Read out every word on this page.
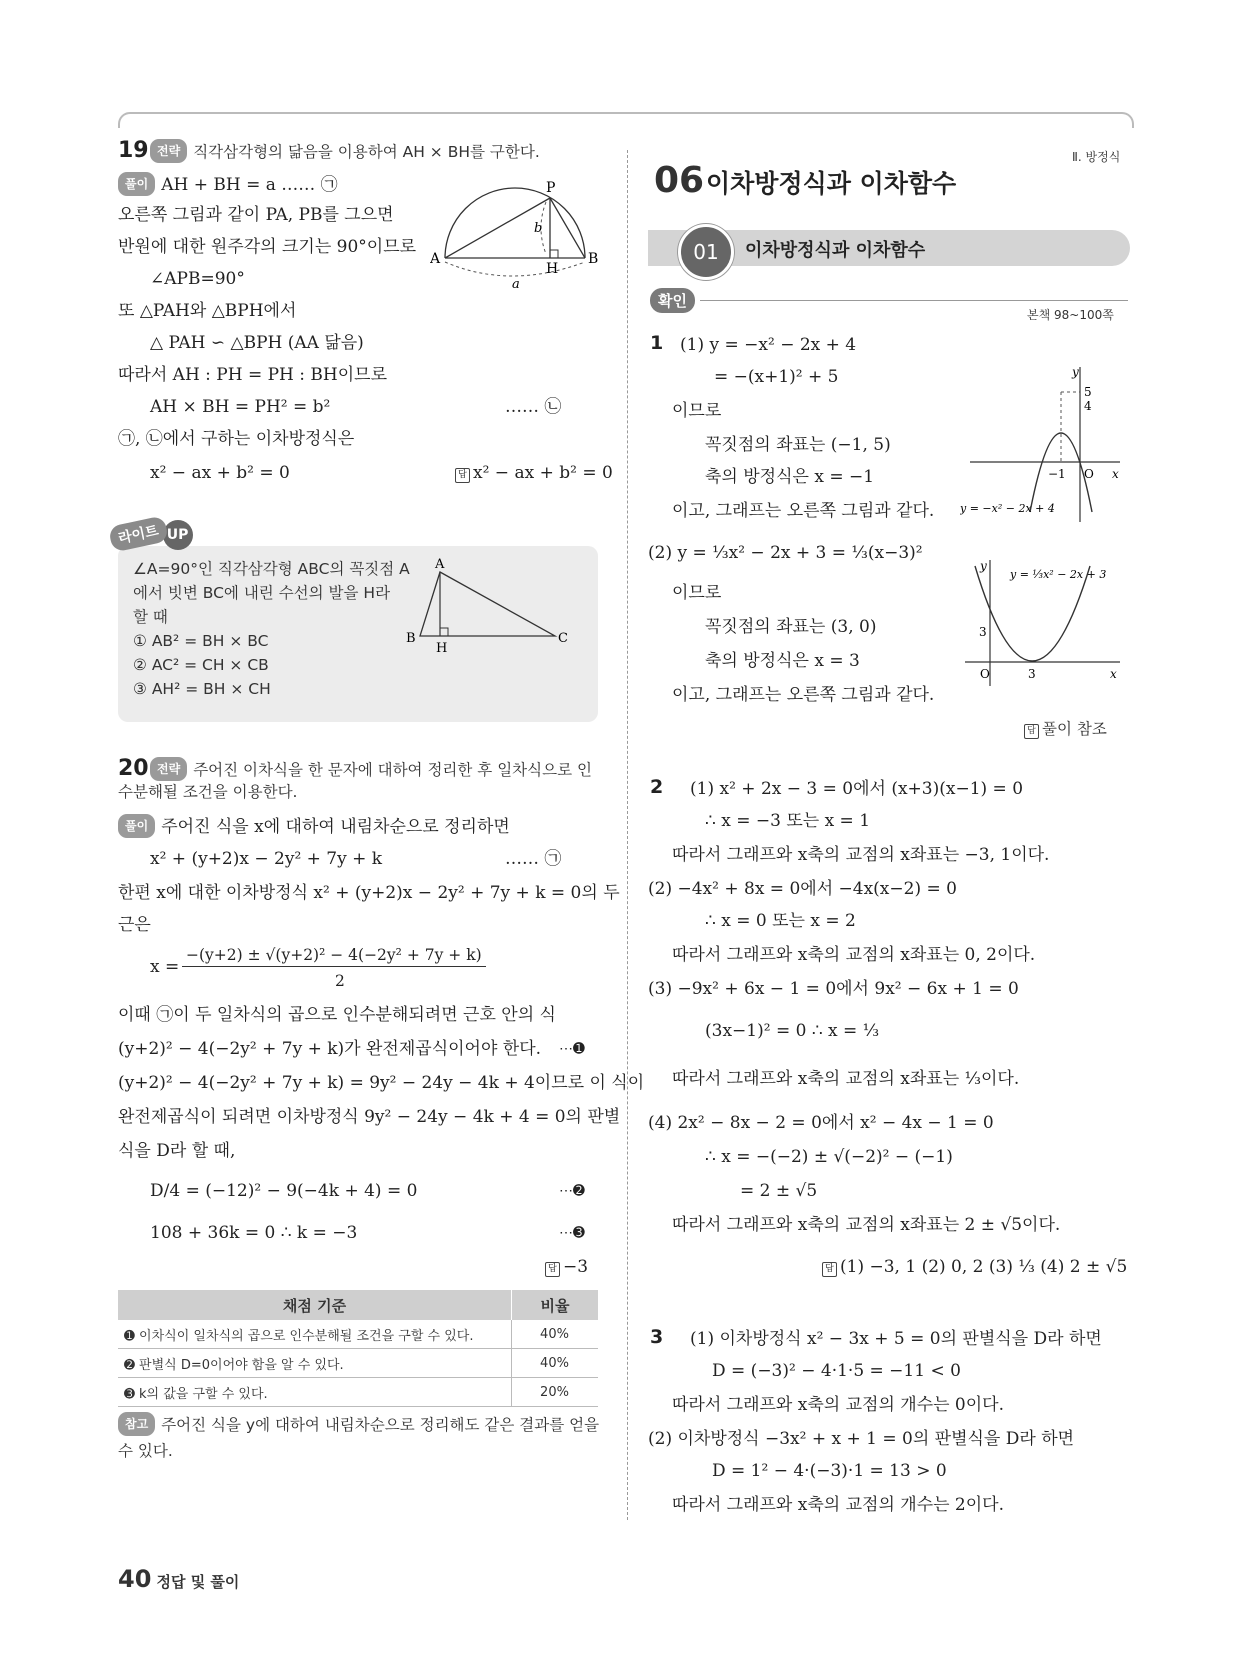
19 전략 직각삼각형의 닮음을 이용하여 AH × BH를 구한다.
풀이 AH + BH = a …… ㉠
오른쪽 그림과 같이 PA, PB를 그으면
반원에 대한 원주각의 크기는 90°이므로
∠APB=90°
또 △PAH와 △BPH에서
△ PAH ∽ △BPH (AA 닮음)
따라서 AH : PH = PH : BH이므로
AH × BH = PH² = b²	…… ㉡
㉠, ㉡에서 구하는 이차방정식은
x² − ax + b² = 0	답 x² − ax + b² = 0
P
A	B
H
a
b
라이트 UP
∠A=90°인 직각삼각형 ABC의 꼭짓점 A
에서 빗변 BC에 내린 수선의 발을 H라
할 때
① AB² = BH × BC
② AC² = CH × CB
③ AH² = BH × CH
A
B
H
C
20 전략 주어진 이차식을 한 문자에 대하여 정리한 후 일차식으로 인
수분해될 조건을 이용한다.
풀이 주어진 식을 x에 대하여 내림차순으로 정리하면
x² + (y+2)x − 2y² + 7y + k	…… ㉠
한편 x에 대한 이차방정식 x² + (y+2)x − 2y² + 7y + k = 0의 두
근은
x =
−(y+2) ± √(y+2)² − 4(−2y² + 7y + k)
2
이때 ㉠이 두 일차식의 곱으로 인수분해되려면 근호 안의 식
(y+2)² − 4(−2y² + 7y + k)가 완전제곱식이어야 한다. ⋯➊
(y+2)² − 4(−2y² + 7y + k) = 9y² − 24y − 4k + 4이므로 이 식이
완전제곱식이 되려면 이차방정식 9y² − 24y − 4k + 4 = 0의 판별
식을 D라 할 때,
D/4 = (−12)² − 9(−4k + 4) = 0	⋯➋
108 + 36k = 0 ∴ k = −3	⋯➌
답 −3
채점 기준	비율
➊ 이차식이 일차식의 곱으로 인수분해될 조건을 구할 수 있다.	40%
➋ 판별식 D=0이어야 함을 알 수 있다.	40%
➌ k의 값을 구할 수 있다.	20%
참고 주어진 식을 y에 대하여 내림차순으로 정리해도 같은 결과를 얻을
수 있다.
Ⅱ. 방정식
06 이차방정식과 이차함수
01	이차방정식과 이차함수
확인
본책 98~100쪽
1 (1) y = −x² − 2x + 4
= −(x+1)² + 5
이므로
꼭짓점의 좌표는 (−1, 5)
축의 방정식은 x = −1
이고, 그래프는 오른쪽 그림과 같다.
(2) y = ⅓x² − 2x + 3 = ⅓(x−3)²
이므로
꼭짓점의 좌표는 (3, 0)
축의 방정식은 x = 3
이고, 그래프는 오른쪽 그림과 같다.
y
5
4
−1 O x
y = −x² − 2x + 4
y
y = ⅓x² − 2x + 3
3
O	3	x
답 풀이 참조
2 (1) x² + 2x − 3 = 0에서 (x+3)(x−1) = 0
∴ x = −3 또는 x = 1
따라서 그래프와 x축의 교점의 x좌표는 −3, 1이다.
(2) −4x² + 8x = 0에서 −4x(x−2) = 0
∴ x = 0 또는 x = 2
따라서 그래프와 x축의 교점의 x좌표는 0, 2이다.
(3) −9x² + 6x − 1 = 0에서 9x² − 6x + 1 = 0
(3x−1)² = 0 ∴ x = ⅓
따라서 그래프와 x축의 교점의 x좌표는 ⅓이다.
(4) 2x² − 8x − 2 = 0에서 x² − 4x − 1 = 0
∴ x = −(−2) ± √(−2)² − (−1)
= 2 ± √5
따라서 그래프와 x축의 교점의 x좌표는 2 ± √5이다.
답 (1) −3, 1 (2) 0, 2 (3) ⅓ (4) 2 ± √5
3 (1) 이차방정식 x² − 3x + 5 = 0의 판별식을 D라 하면
D = (−3)² − 4·1·5 = −11 < 0
따라서 그래프와 x축의 교점의 개수는 0이다.
(2) 이차방정식 −3x² + x + 1 = 0의 판별식을 D라 하면
D = 1² − 4·(−3)·1 = 13 > 0
따라서 그래프와 x축의 교점의 개수는 2이다.
40 정답 및 풀이
